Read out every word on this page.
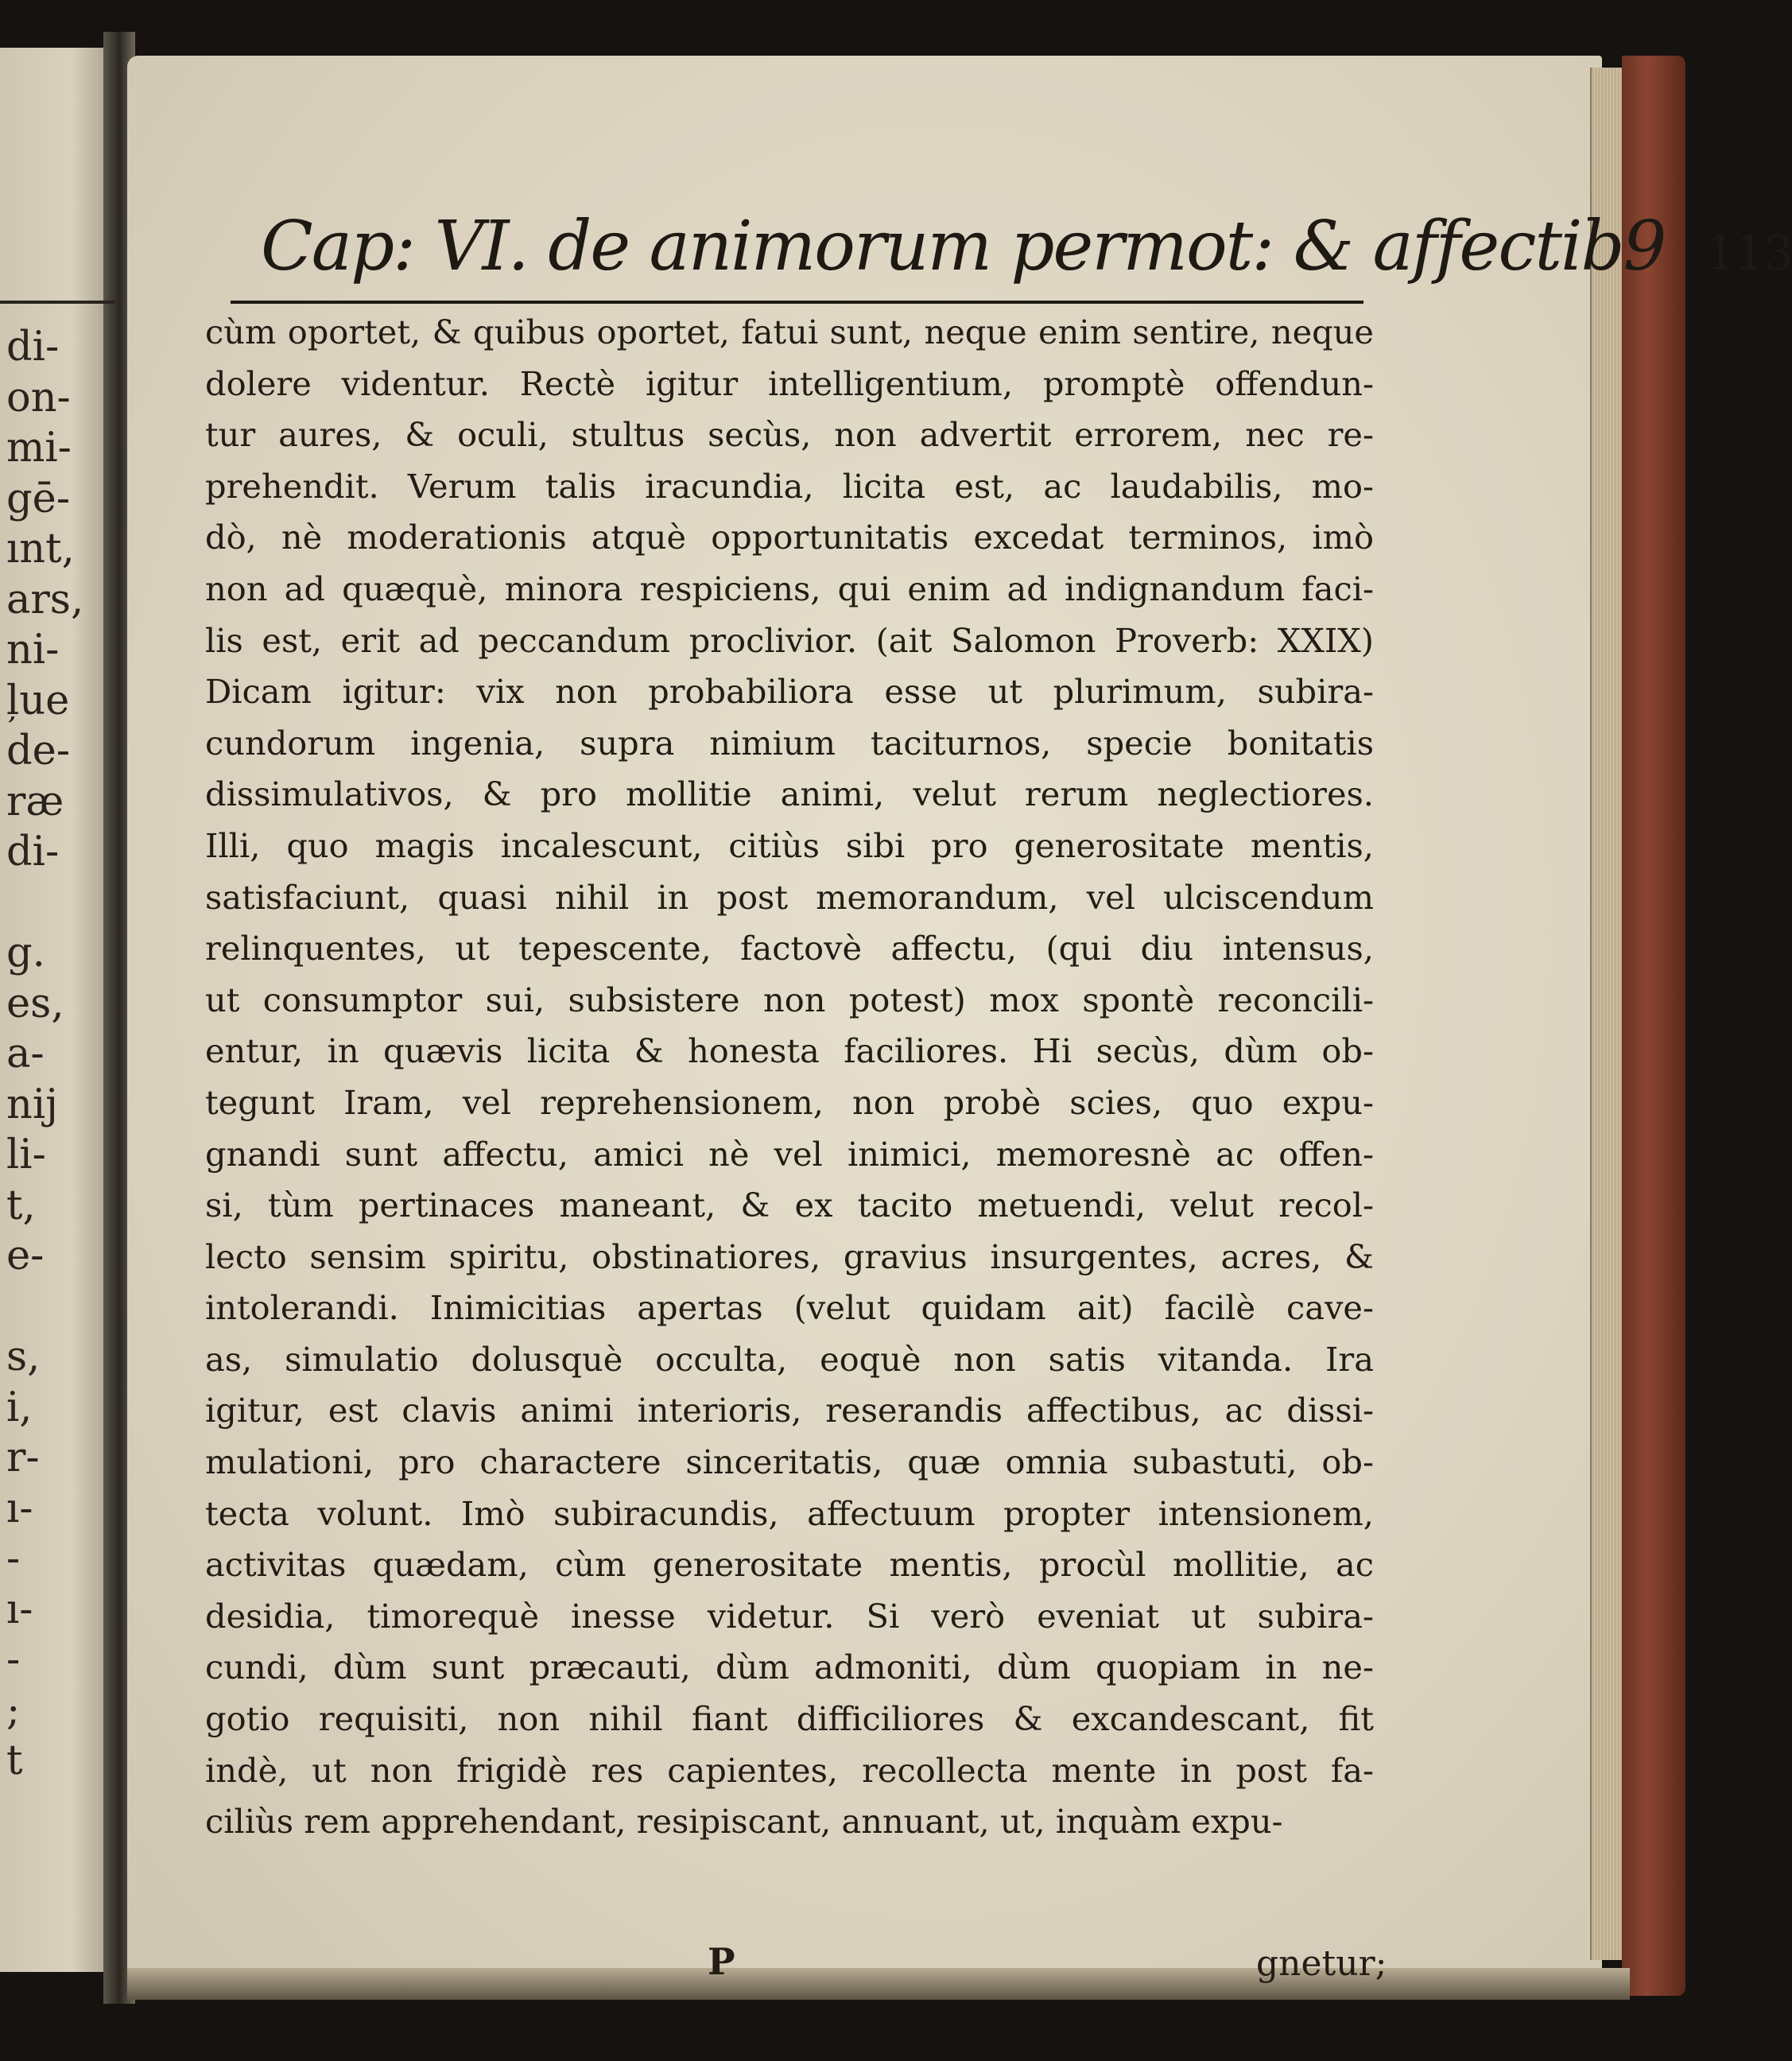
di-
on-
mi-
gē-
ınt,
ars,
ni-
ļue
de-
ræ
di-

g.
es,
a-
nij
li-
t,
e-

s,
i,
r-
ı-
-
ı-
-
;
t
Cap: VI. de animorum permot: & affectib9 113
cùm oportet, & quibus oportet, fatui sunt, neque enim sentire, neque
dolere videntur. Rectè igitur intelligentium, promptè offendun-
tur aures, & oculi, stultus secùs, non advertit errorem, nec re-
prehendit. Verum talis iracundia, licita est, ac laudabilis, mo-
dò, nè moderationis atquè opportunitatis excedat terminos, imò
non ad quæquè, minora respiciens, qui enim ad indignandum faci-
lis est, erit ad peccandum proclivior. (ait Salomon Proverb: XXIX)
Dicam igitur: vix non probabiliora esse ut plurimum, subira-
cundorum ingenia, supra nimium taciturnos, specie bonitatis
dissimulativos, & pro mollitie animi, velut rerum neglectiores.
Illi, quo magis incalescunt, citiùs sibi pro generositate mentis,
satisfaciunt, quasi nihil in post memorandum, vel ulciscendum
relinquentes, ut tepescente, factovè affectu, (qui diu intensus,
ut consumptor sui, subsistere non potest) mox spontè reconcili-
entur, in quævis licita & honesta faciliores. Hi secùs, dùm ob-
tegunt Iram, vel reprehensionem, non probè scies, quo expu-
gnandi sunt affectu, amici nè vel inimici, memoresnè ac offen-
si, tùm pertinaces maneant, & ex tacito metuendi, velut recol-
lecto sensim spiritu, obstinatiores, gravius insurgentes, acres, &
intolerandi. Inimicitias apertas (velut quidam ait) facilè cave-
as, simulatio dolusquè occulta, eoquè non satis vitanda. Ira
igitur, est clavis animi interioris, reserandis affectibus, ac dissi-
mulationi, pro charactere sinceritatis, quæ omnia subastuti, ob-
tecta volunt. Imò subiracundis, affectuum propter intensionem,
activitas quædam, cùm generositate mentis, procùl mollitie, ac
desidia, timorequè inesse videtur. Si verò eveniat ut subira-
cundi, dùm sunt præcauti, dùm admoniti, dùm quopiam in ne-
gotio requisiti, non nihil fiant difficiliores & excandescant, fit
indè, ut non frigidè res capientes, recollecta mente in post fa-
ciliùs rem apprehendant, resipiscant, annuant, ut, inquàm expu-
P	gnetur;
